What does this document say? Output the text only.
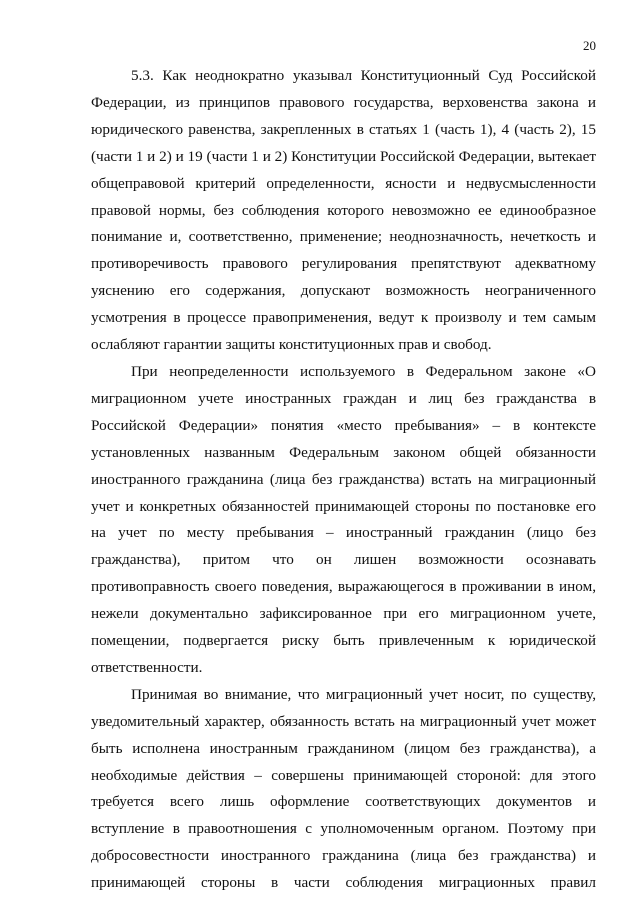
20

5.3. Как неоднократно указывал Конституционный Суд Российской Федерации, из принципов правового государства, верховенства закона и юридического равенства, закрепленных в статьях 1 (часть 1), 4 (часть 2), 15 (части 1 и 2) и 19 (части 1 и 2) Конституции Российской Федерации, вытекает общеправовой критерий определенности, ясности и недвусмысленности правовой нормы, без соблюдения которого невозможно ее единообразное понимание и, соответственно, применение; неоднозначность, нечеткость и противоречивость правового регулирования препятствуют адекватному уяснению его содержания, допускают возможность неограниченного усмотрения в процессе правоприменения, ведут к произволу и тем самым ослабляют гарантии защиты конституционных прав и свобод.

При неопределенности используемого в Федеральном законе «О миграционном учете иностранных граждан и лиц без гражданства в Российской Федерации» понятия «место пребывания» – в контексте установленных названным Федеральным законом общей обязанности иностранного гражданина (лица без гражданства) встать на миграционный учет и конкретных обязанностей принимающей стороны по постановке его на учет по месту пребывания – иностранный гражданин (лицо без гражданства), притом что он лишен возможности осознавать противоправность своего поведения, выражающегося в проживании в ином, нежели документально зафиксированное при его миграционном учете, помещении, подвергается риску быть привлеченным к юридической ответственности.

Принимая во внимание, что миграционный учет носит, по существу, уведомительный характер, обязанность встать на миграционный учет может быть исполнена иностранным гражданином (лицом без гражданства), а необходимые действия – совершены принимающей стороной: для этого требуется всего лишь оформление соответствующих документов и вступление в правоотношения с уполномоченным органом. Поэтому при добросовестности иностранного гражданина (лица без гражданства) и принимающей стороны в части соблюдения миграционных правил
